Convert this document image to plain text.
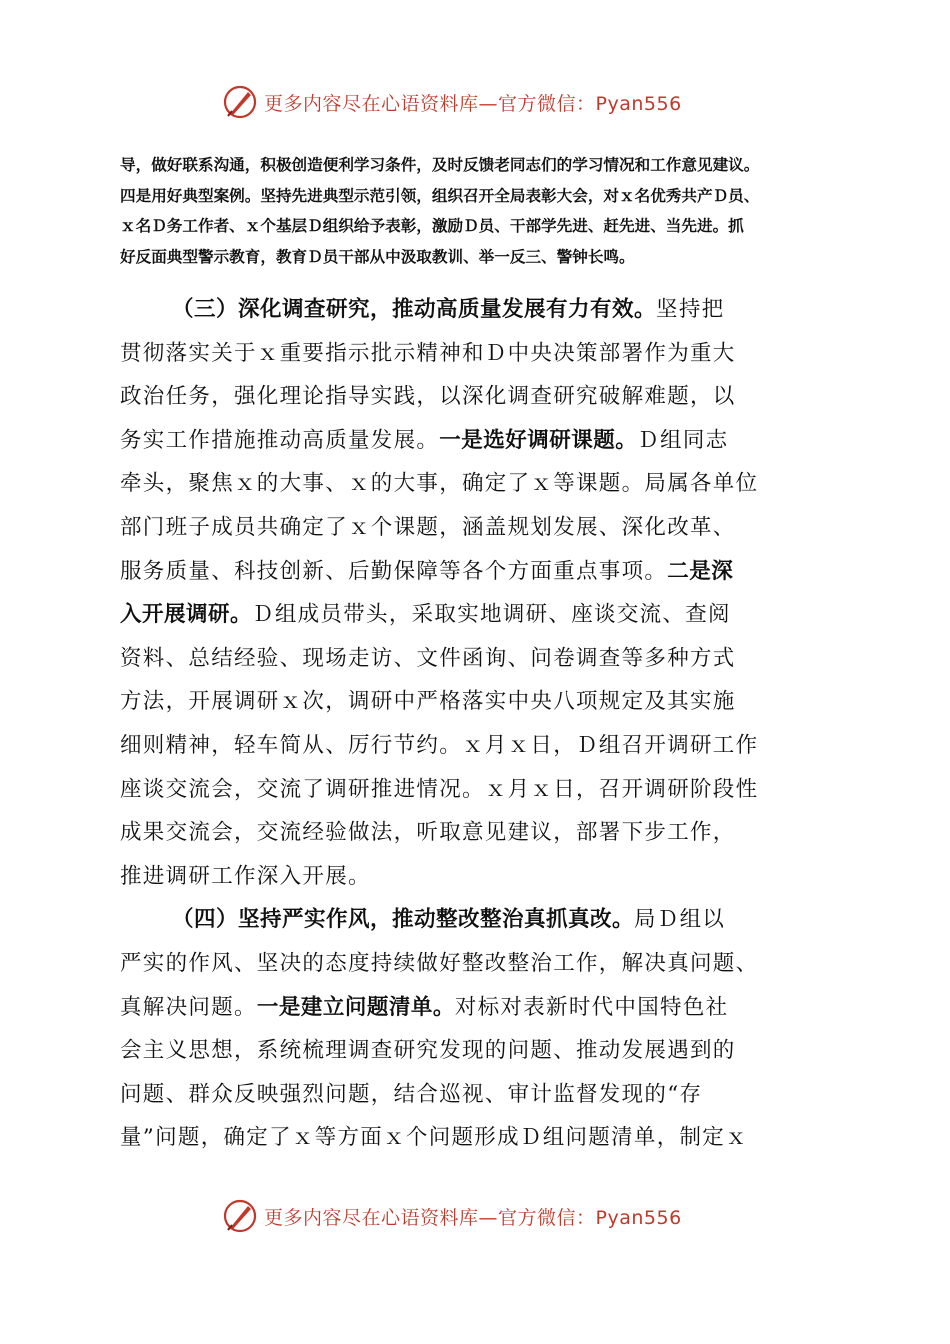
更多内容尽在心语资料库—官方微信：Pyan556

导，做好联系沟通，积极创造便利学习条件，及时反馈老同志们的学习情况和工作意见建议。

四是用好典型案例。坚持先进典型示范引领，组织召开全局表彰大会，对ｘ名优秀共产Ｄ员、

ｘ名Ｄ务工作者、ｘ个基层Ｄ组织给予表彰，激励Ｄ员、干部学先进、赶先进、当先进。抓

好反面典型警示教育，教育Ｄ员干部从中汲取教训、举一反三、警钟长鸣。

（三）深化调查研究，推动高质量发展有力有效。坚持把

贯彻落实关于ｘ重要指示批示精神和Ｄ中央决策部署作为重大

政治任务，强化理论指导实践，以深化调查研究破解难题，以

务实工作措施推动高质量发展。一是选好调研课题。Ｄ组同志

牵头，聚焦ｘ的大事、ｘ的大事，确定了ｘ等课题。局属各单位

部门班子成员共确定了ｘ个课题，涵盖规划发展、深化改革、

服务质量、科技创新、后勤保障等各个方面重点事项。二是深

入开展调研。Ｄ组成员带头，采取实地调研、座谈交流、查阅

资料、总结经验、现场走访、文件函询、问卷调查等多种方式

方法，开展调研ｘ次，调研中严格落实中央八项规定及其实施

细则精神，轻车简从、厉行节约。ｘ月ｘ日，Ｄ组召开调研工作

座谈交流会，交流了调研推进情况。ｘ月ｘ日，召开调研阶段性

成果交流会，交流经验做法，听取意见建议，部署下步工作，

推进调研工作深入开展。

（四）坚持严实作风，推动整改整治真抓真改。局Ｄ组以

严实的作风、坚决的态度持续做好整改整治工作，解决真问题、

真解决问题。一是建立问题清单。对标对表新时代中国特色社

会主义思想，系统梳理调查研究发现的问题、推动发展遇到的

问题、群众反映强烈问题，结合巡视、审计监督发现的“存

量”问题，确定了ｘ等方面ｘ个问题形成Ｄ组问题清单，制定ｘ

更多内容尽在心语资料库—官方微信：Pyan556
